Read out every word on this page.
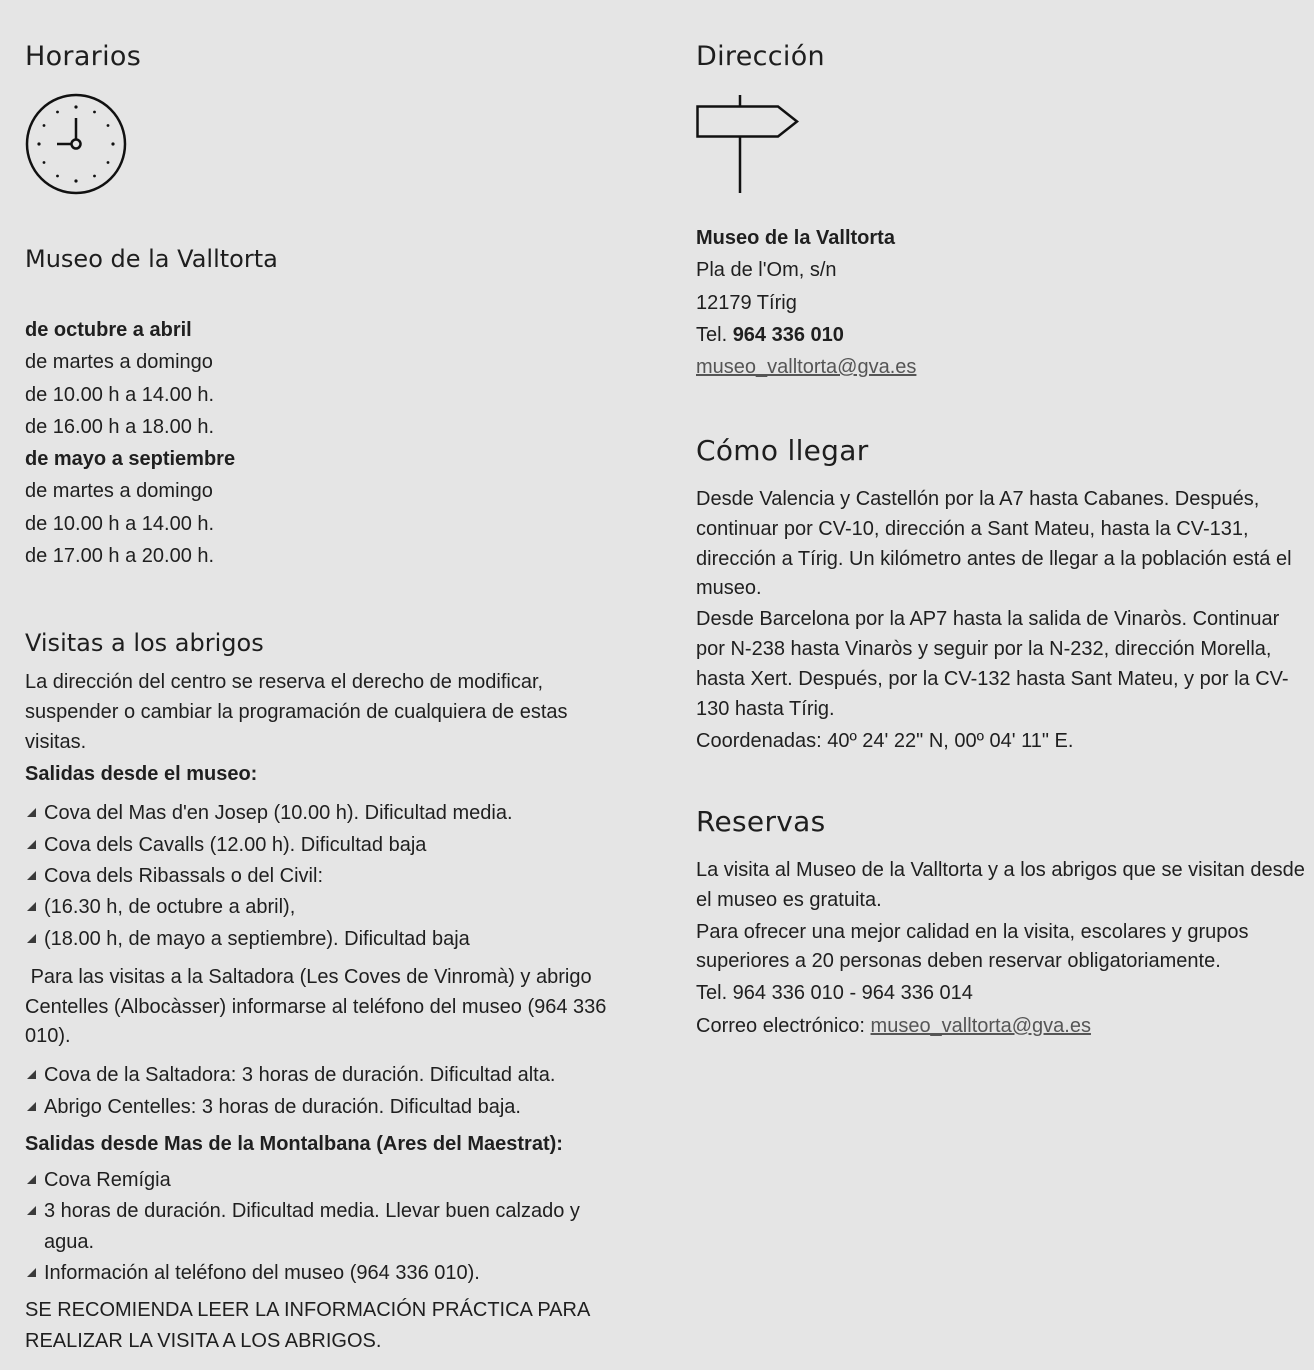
Horarios
Museo de la Valltorta
de octubre a abril
de martes a domingo
de 10.00 h a 14.00 h.
de 16.00 h a 18.00 h.
de mayo a septiembre
de martes a domingo
de 10.00 h a 14.00 h.
de 17.00 h a 20.00 h.
Visitas a los abrigos

La dirección del centro se reserva el derecho de modificar, suspender o cambiar la programación de cualquiera de estas visitas.

Salidas desde el museo:
Cova del Mas d'en Josep (10.00 h). Dificultad media.
Cova dels Cavalls (12.00 h). Dificultad baja
Cova dels Ribassals o del Civil:
(16.30 h, de octubre a abril),
(18.00 h, de mayo a septiembre). Dificultad baja

Para las visitas a la Saltadora (Les Coves de Vinromà) y abrigo Centelles (Albocàsser) informarse al teléfono del museo (964 336 010).

Cova de la Saltadora: 3 horas de duración. Dificultad alta.
Abrigo Centelles: 3 horas de duración. Dificultad baja.
Salidas desde Mas de la Montalbana (Ares del Maestrat):
Cova Remígia
3 horas de duración. Dificultad media. Llevar buen calzado y agua.
Información al teléfono del museo (964 336 010).

SE RECOMIENDA LEER LA INFORMACIÓN PRÁCTICA PARA REALIZAR LA VISITA A LOS ABRIGOS.

Dirección
Museo de la Valltorta
Pla de l'Om, s/n
12179 Tírig
Tel. 964 336 010
museo_valltorta@gva.es
Cómo llegar

Desde Valencia y Castellón por la A7 hasta Cabanes. Después, continuar por CV-10, dirección a Sant Mateu, hasta la CV-131, dirección a Tírig. Un kilómetro antes de llegar a la población está el museo.

Desde Barcelona por la AP7 hasta la salida de Vinaròs. Continuar por N-238 hasta Vinaròs y seguir por la N-232, dirección Morella, hasta Xert. Después, por la CV-132 hasta Sant Mateu, y por la CV-130 hasta Tírig.

Coordenadas: 40º 24' 22" N, 00º 04' 11" E.

Reservas

La visita al Museo de la Valltorta y a los abrigos que se visitan desde el museo es gratuita.

Para ofrecer una mejor calidad en la visita, escolares y grupos superiores a 20 personas deben reservar obligatoriamente.

Tel. 964 336 010 - 964 336 014

Correo electrónico: museo_valltorta@gva.es
